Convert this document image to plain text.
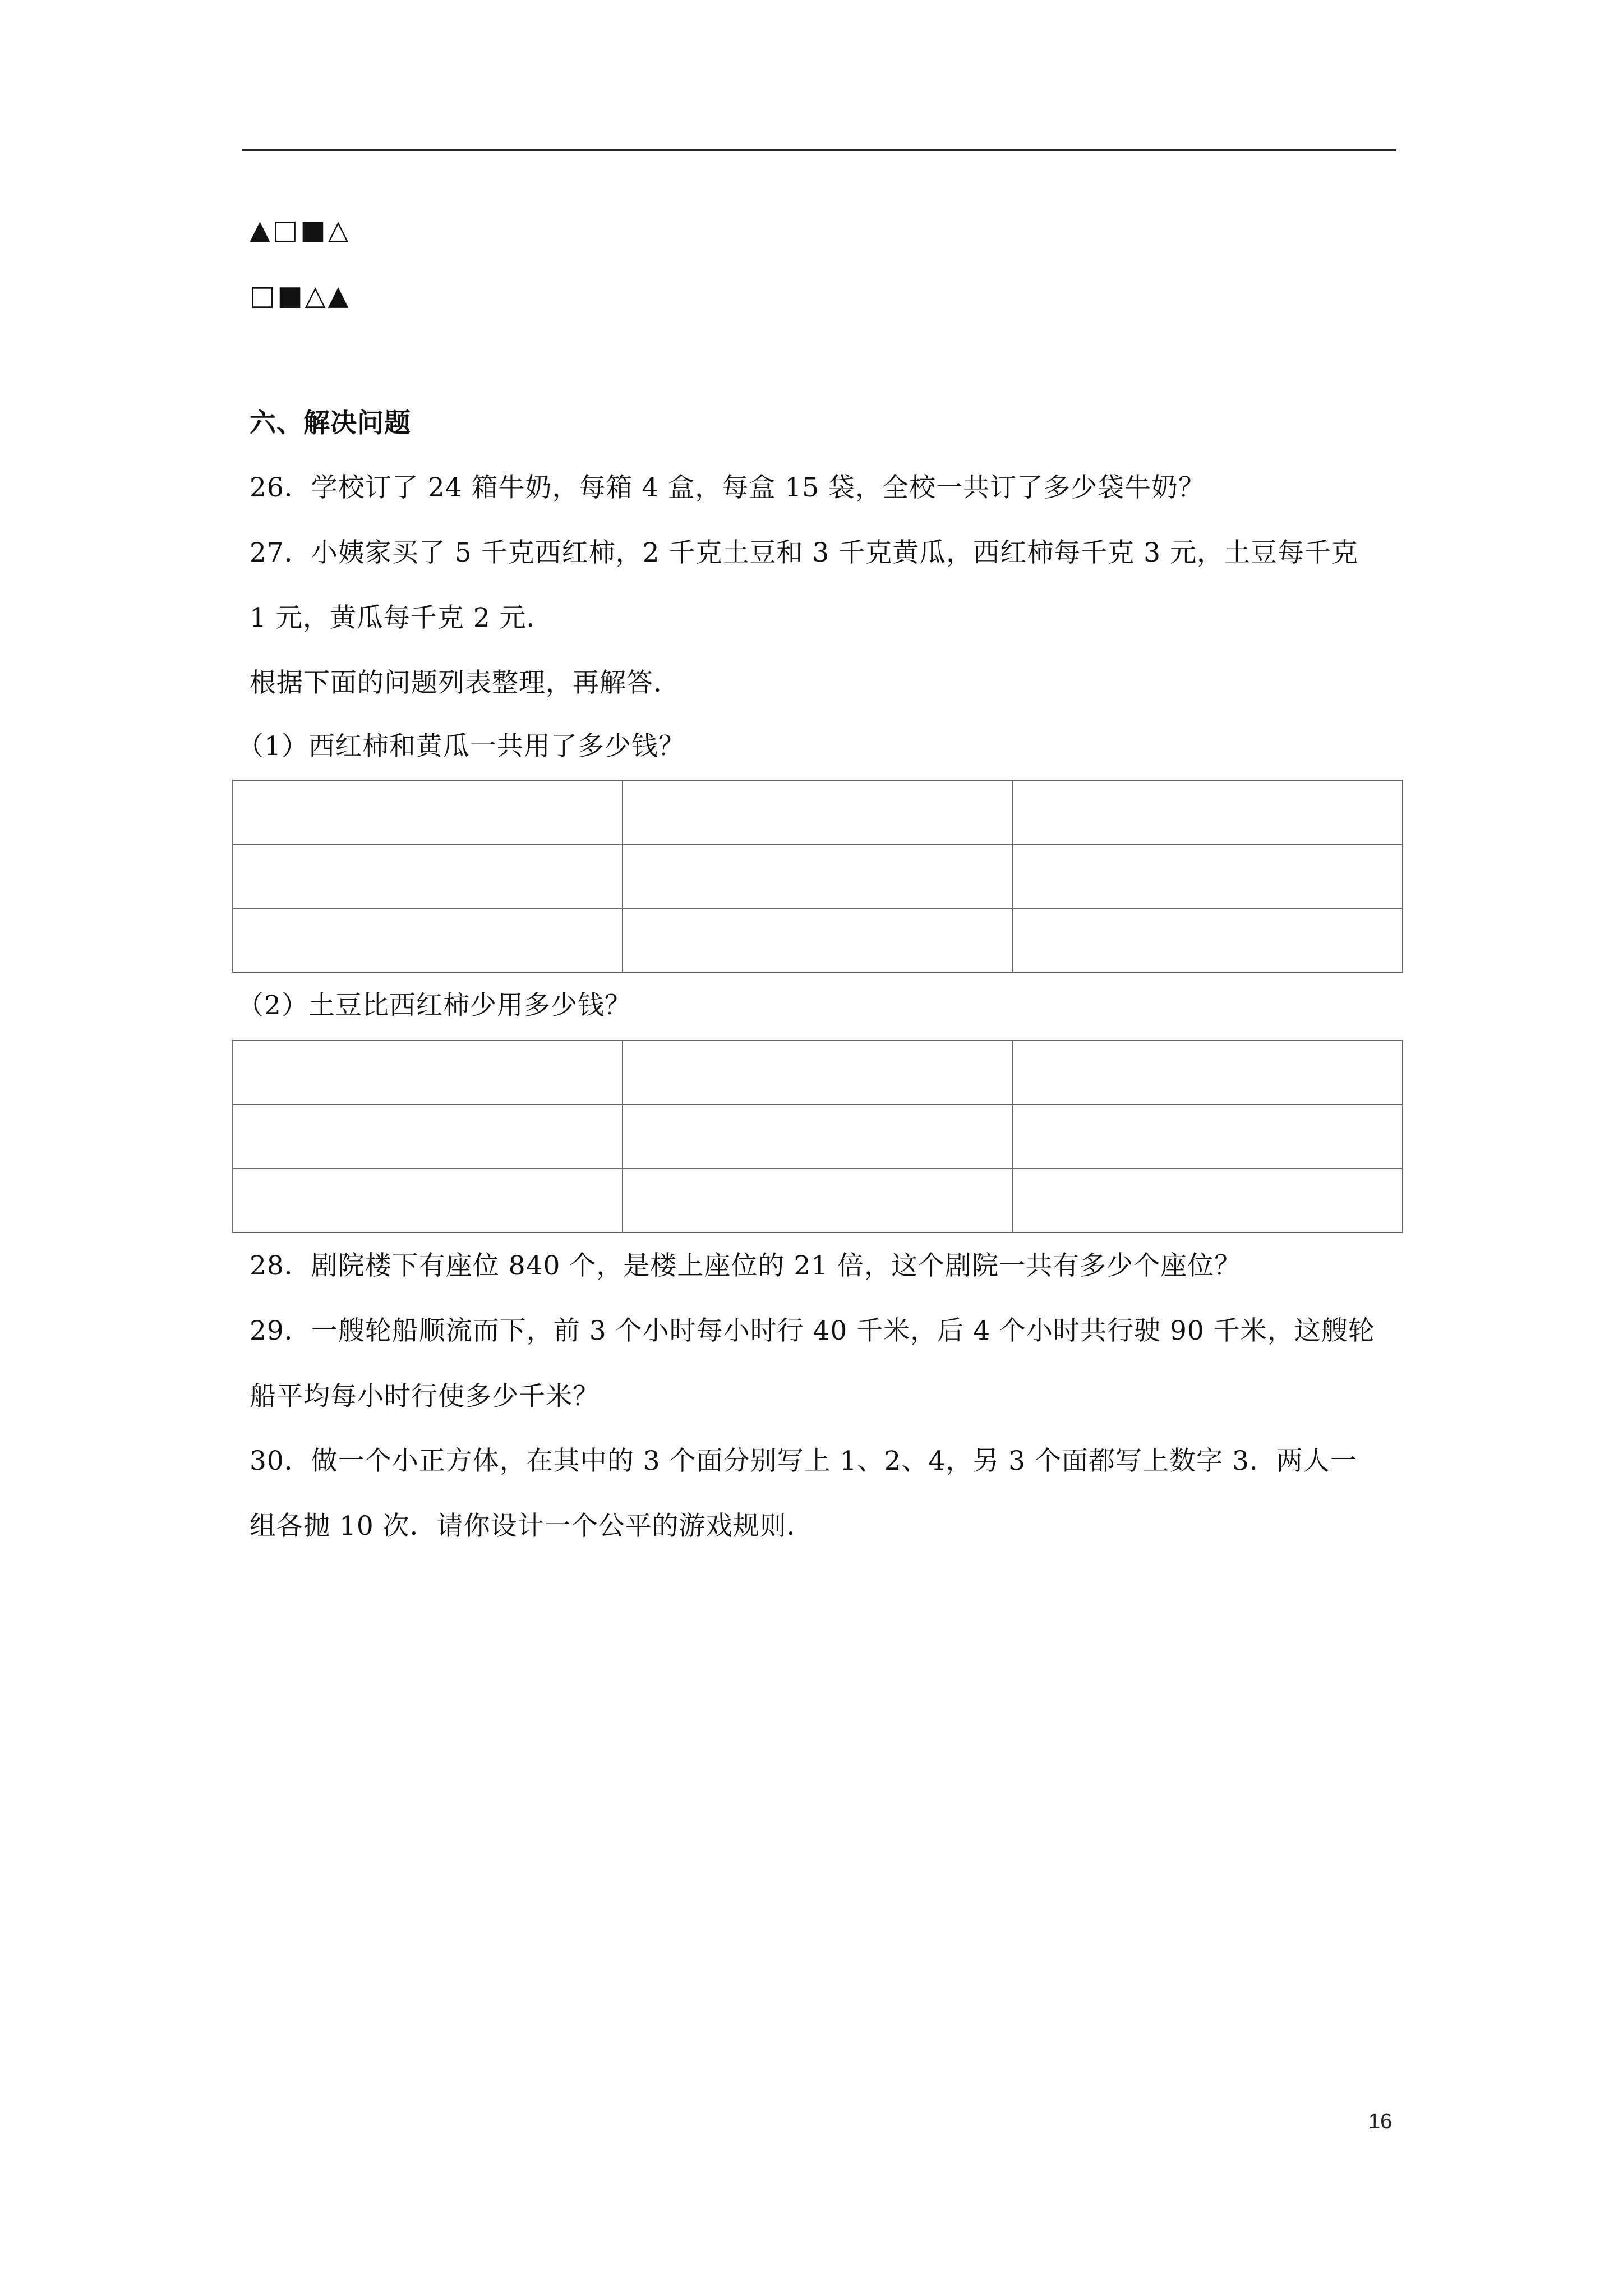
▲□■△
□■△▲
六、解决问题
26．学校订了 24 箱牛奶，每箱 4 盒，每盒 15 袋，全校一共订了多少袋牛奶？
27．小姨家买了 5 千克西红柿，2 千克土豆和 3 千克黄瓜，西红柿每千克 3 元，土豆每千克
1 元，黄瓜每千克 2 元．
根据下面的问题列表整理，再解答．
（1）西红柿和黄瓜一共用了多少钱？

（2）土豆比西红柿少用多少钱？

28．剧院楼下有座位 840 个，是楼上座位的 21 倍，这个剧院一共有多少个座位？
29．一艘轮船顺流而下，前 3 个小时每小时行 40 千米，后 4 个小时共行驶 90 千米，这艘轮
船平均每小时行使多少千米？
30．做一个小正方体，在其中的 3 个面分别写上 1、2、4，另 3 个面都写上数字 3．两人一
组各抛 10 次．请你设计一个公平的游戏规则．
16
